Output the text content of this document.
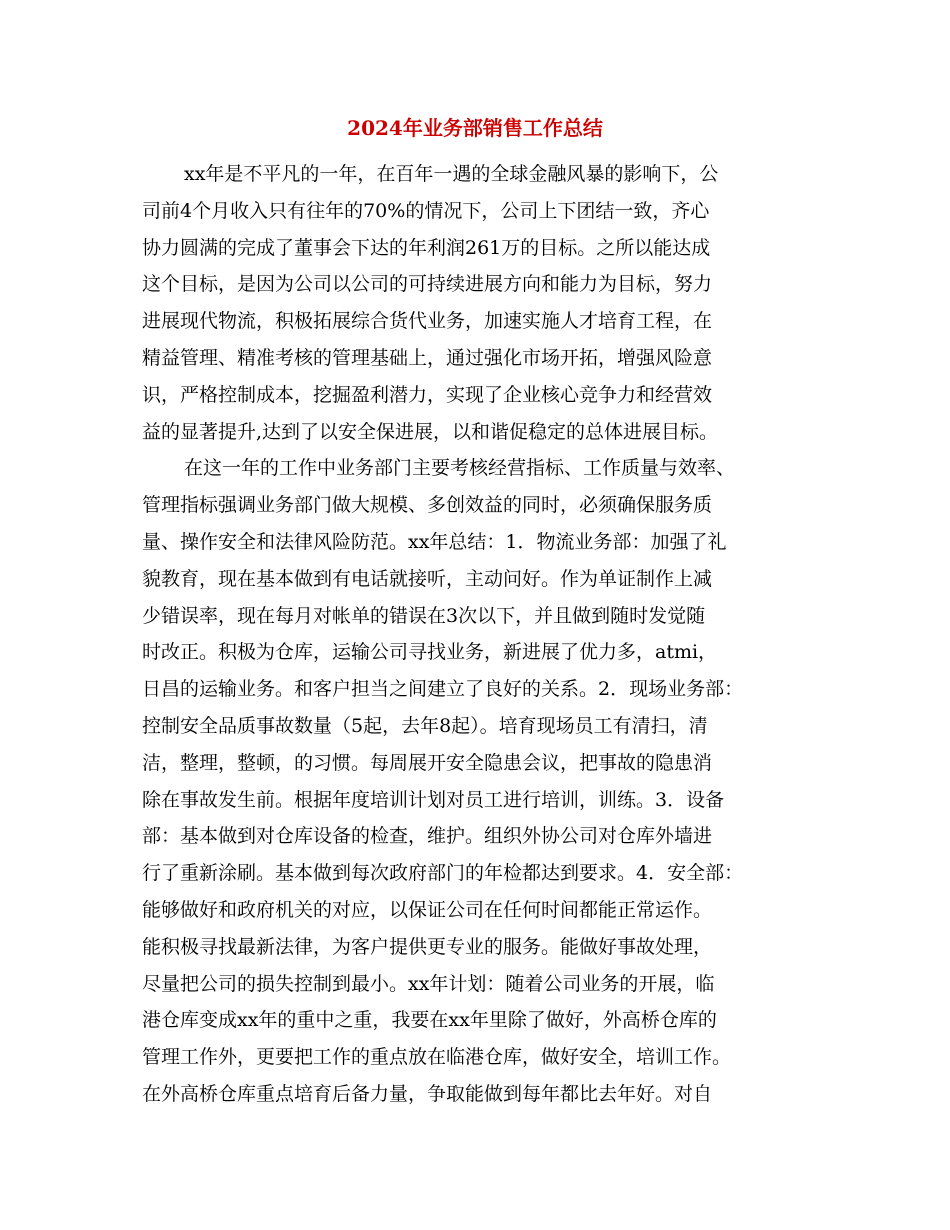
2024年业务部销售工作总结
xx年是不平凡的一年，在百年一遇的全球金融风暴的影响下，公
司前4个月收入只有往年的70%的情况下，公司上下团结一致，齐心
协力圆满的完成了董事会下达的年利润261万的目标。之所以能达成
这个目标，是因为公司以公司的可持续进展方向和能力为目标，努力
进展现代物流，积极拓展综合货代业务，加速实施人才培育工程，在
精益管理、精准考核的管理基础上，通过强化市场开拓，增强风险意
识，严格控制成本，挖掘盈利潜力，实现了企业核心竞争力和经营效
益的显著提升,达到了以安全保进展，以和谐促稳定的总体进展目标。
在这一年的工作中业务部门主要考核经营指标、工作质量与效率、
管理指标强调业务部门做大规模、多创效益的同时，必须确保服务质
量、操作安全和法律风险防范。xx年总结：1．物流业务部：加强了礼
貌教育，现在基本做到有电话就接听，主动问好。作为单证制作上减
少错误率，现在每月对帐单的错误在3次以下，并且做到随时发觉随
时改正。积极为仓库，运输公司寻找业务，新进展了优力多，atmi，
日昌的运输业务。和客户担当之间建立了良好的关系。2．现场业务部：
控制安全品质事故数量（5起，去年8起）。培育现场员工有清扫，清
洁，整理，整顿，的习惯。每周展开安全隐患会议，把事故的隐患消
除在事故发生前。根据年度培训计划对员工进行培训，训练。3．设备
部：基本做到对仓库设备的检查，维护。组织外协公司对仓库外墙进
行了重新涂刷。基本做到每次政府部门的年检都达到要求。4．安全部：
能够做好和政府机关的对应，以保证公司在任何时间都能正常运作。
能积极寻找最新法律，为客户提供更专业的服务。能做好事故处理，
尽量把公司的损失控制到最小。xx年计划：随着公司业务的开展，临
港仓库变成xx年的重中之重，我要在xx年里除了做好，外高桥仓库的
管理工作外，更要把工作的重点放在临港仓库，做好安全，培训工作。
在外高桥仓库重点培育后备力量，争取能做到每年都比去年好。对自
